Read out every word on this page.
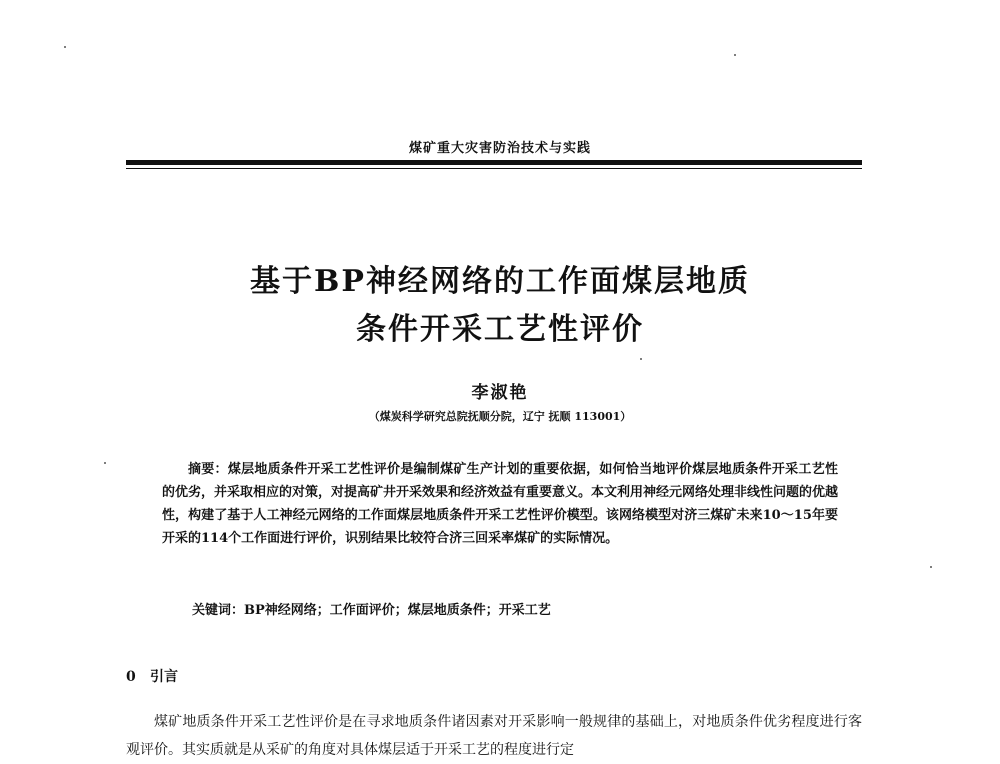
煤矿重大灾害防治技术与实践
基于BP神经网络的工作面煤层地质
条件开采工艺性评价
李淑艳
（煤炭科学研究总院抚顺分院，辽宁 抚顺 113001）
摘要：煤层地质条件开采工艺性评价是编制煤矿生产计划的重要依据，如何恰当地评价煤层地质条件开采工艺性的优劣，并采取相应的对策，对提高矿井开采效果和经济效益有重要意义。本文利用神经元网络处理非线性问题的优越性，构建了基于人工神经元网络的工作面煤层地质条件开采工艺性评价模型。该网络模型对济三煤矿未来10～15年要开采的114个工作面进行评价，识别结果比较符合济三回采率煤矿的实际情况。
关键词：BP神经网络；工作面评价；煤层地质条件；开采工艺
0 引言
煤矿地质条件开采工艺性评价是在寻求地质条件诸因素对开采影响一般规律的基础上，对地质条件优劣程度进行客观评价。其实质就是从采矿的角度对具体煤层适于开采工艺的程度进行定
